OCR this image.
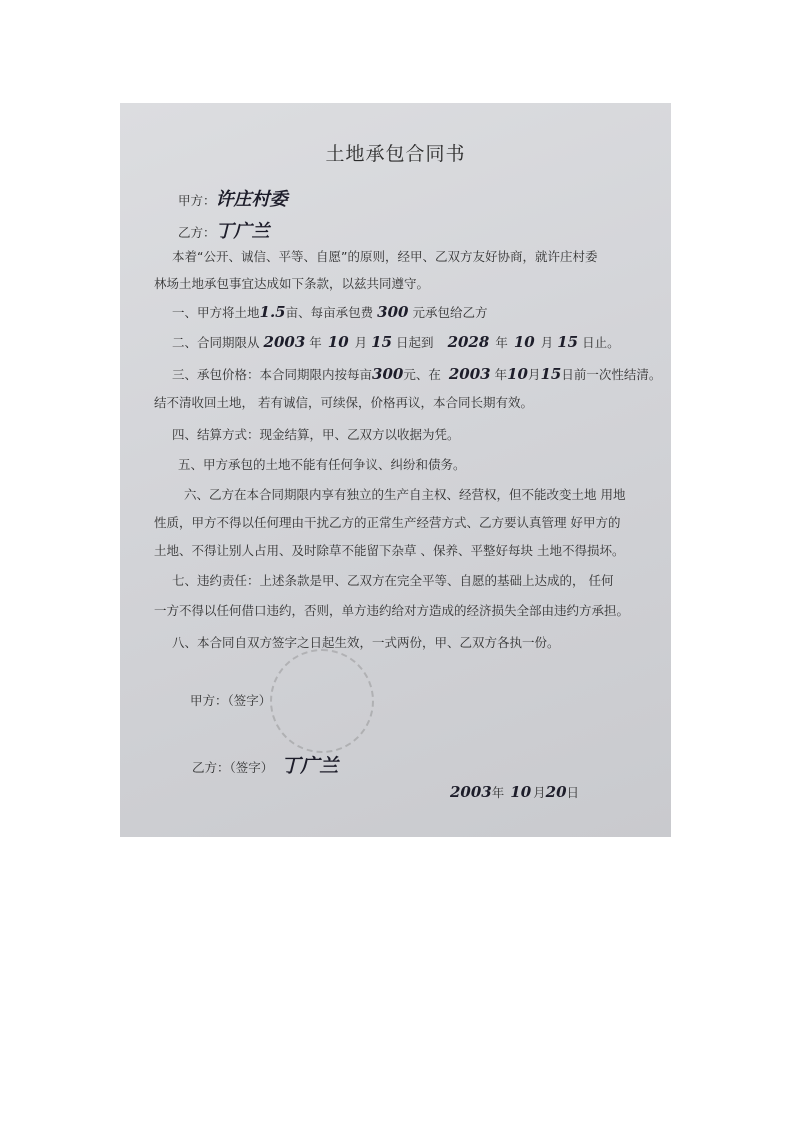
土地承包合同书
甲方：许庄村委
乙方：丁广兰
本着“公开、诚信、平等、自愿”的原则，经甲、乙双方友好协商，就许庄村委
林场土地承包事宜达成如下条款，以兹共同遵守。
一、甲方将土地1.5亩、每亩承包费 300 元承包给乙方
二、合同期限从 2003 年 10 月 15 日起到 2028 年 10 月 15 日止。
三、承包价格：本合同期限内按每亩300元、在 2003 年10月15日前一次性结清。
结不清收回土地， 若有诚信，可续保，价格再议，本合同长期有效。
四、结算方式：现金结算，甲、乙双方以收据为凭。
五、甲方承包的土地不能有任何争议、纠纷和债务。
六、乙方在本合同期限内享有独立的生产自主权、经营权，但不能改变土地 用地
性质，甲方不得以任何理由干扰乙方的正常生产经营方式、乙方要认真管理 好甲方的
土地、不得让别人占用、及时除草不能留下杂草 、保养、平整好每块 土地不得损坏。
七、违约责任：上述条款是甲、乙双方在完全平等、自愿的基础上达成的， 任何
一方不得以任何借口违约，否则，单方违约给对方造成的经济损失全部由违约方承担。
八、本合同自双方签字之日起生效，一式两份，甲、乙双方各执一份。
甲方：（签字）
乙方：（签字） 丁广兰
2003年 10 月20日
